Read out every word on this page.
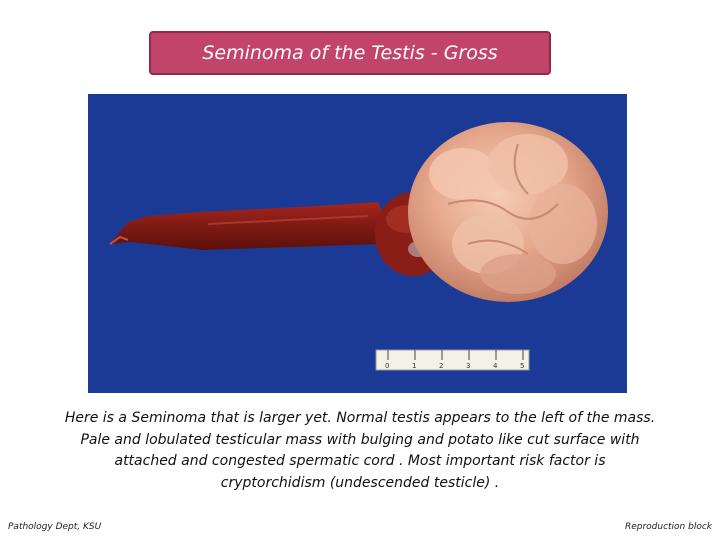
Seminoma of the Testis - Gross
0	1	2	3	4	5
Here is a Seminoma that is larger yet. Normal testis appears to the left of the mass. Pale and lobulated testicular mass with bulging and potato like cut surface with attached and congested spermatic cord . Most important risk factor is cryptorchidism (undescended testicle) .
Pathology Dept, KSU	Reproduction block
